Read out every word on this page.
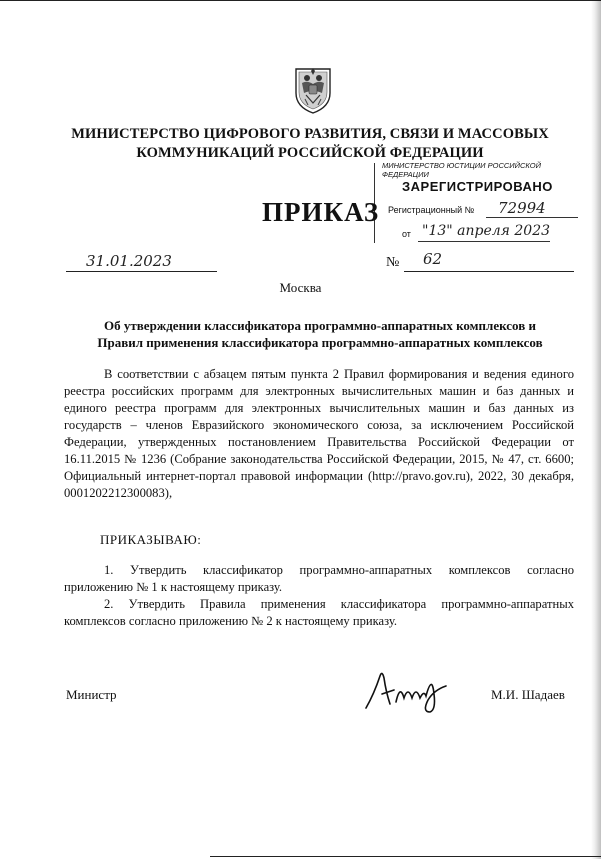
МИНИСТЕРСТВО ЦИФРОВОГО РАЗВИТИЯ, СВЯЗИ И МАССОВЫХ
КОММУНИКАЦИЙ РОССИЙСКОЙ ФЕДЕРАЦИИ
МИНИСТЕРСТВО ЮСТИЦИИ РОССИЙСКОЙ ФЕДЕРАЦИИ
ЗАРЕГИСТРИРОВАНО
Регистрационный № 72994
от "13" апреля 2023
ПРИКАЗ
31.01.2023	№ 62
Москва
Об утверждении классификатора программно-аппаратных комплексов и
Правил применения классификатора программно-аппаратных комплексов
В соответствии с абзацем пятым пункта 2 Правил формирования и ведения единого реестра российских программ для электронных вычислительных машин и баз данных и единого реестра программ для электронных вычислительных машин и баз данных из государств – членов Евразийского экономического союза, за исключением Российской Федерации, утвержденных постановлением Правительства Российской Федерации от 16.11.2015 № 1236 (Собрание законодательства Российской Федерации, 2015, № 47, ст. 6600; Официальный интернет-портал правовой информации (http://pravo.gov.ru), 2022, 30 декабря, 0001202212300083),
ПРИКАЗЫВАЮ:

1. Утвердить классификатор программно-аппаратных комплексов согласно приложению № 1 к настоящему приказу.

2. Утвердить Правила применения классификатора программно-аппаратных комплексов согласно приложению № 2 к настоящему приказу.

Министр	М.И. Шадаев
